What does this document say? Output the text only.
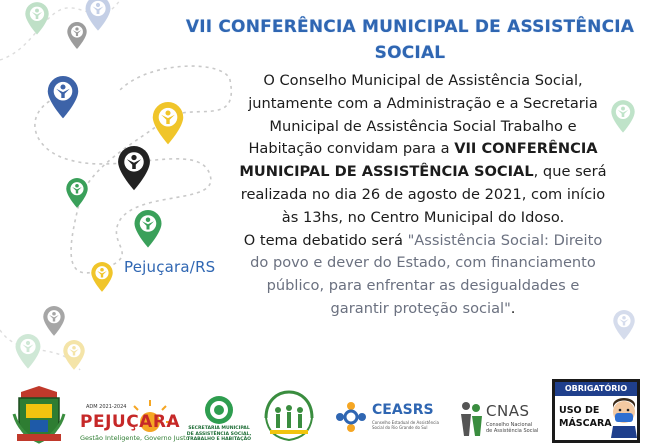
VII CONFERÊNCIA MUNICIPAL DE ASSISTÊNCIA
SOCIAL
O Conselho Municipal de Assistência Social, juntamente com a Administração e a Secretaria Municipal de Assistência Social Trabalho e Habitação convidam para a VII CONFERÊNCIA MUNICIPAL DE ASSISTÊNCIA SOCIAL, que será realizada no dia 26 de agosto de 2021, com início às 13hs, no Centro Municipal do Idoso.
O tema debatido será "Assistência Social: Direito do povo e dever do Estado, com financiamento público, para enfrentar as desigualdades e garantir proteção social".
Pejuçara/RS
ADM 2021-2024
PEJUÇARA
Gestão Inteligente, Governo Justo
SECRETARIA MUNICIPAL
DE ASSISTÊNCIA SOCIAL,
TRABALHO E HABITAÇÃO
CEASRS
Conselho Estadual de Assistência Social do Rio Grande do Sul
CNAS
Conselho Nacional
de Assistência Social
OBRIGATÓRIO
USO DE
MÁSCARA
